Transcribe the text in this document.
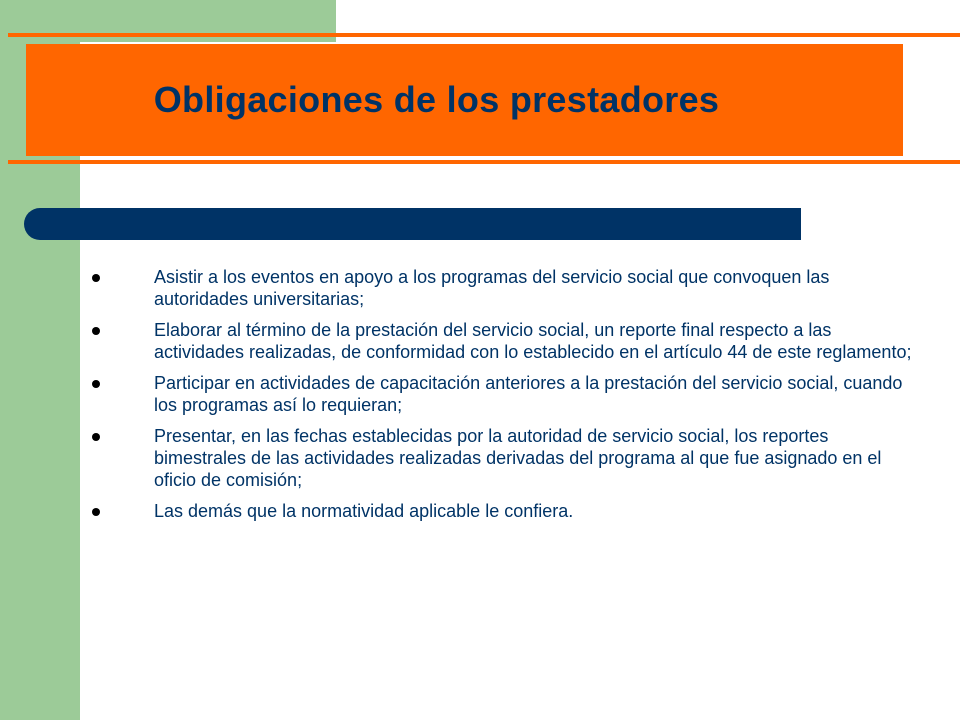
Obligaciones de los prestadores
Asistir a los eventos en apoyo a los programas del servicio social que convoquen las autoridades universitarias;
Elaborar al término de la prestación del servicio social, un reporte final respecto a las actividades realizadas, de conformidad con lo establecido en el artículo 44 de este reglamento;
Participar en actividades de capacitación anteriores a la prestación del servicio social, cuando los programas así lo requieran;
Presentar, en las fechas establecidas por la autoridad de servicio social, los reportes bimestrales de las actividades realizadas derivadas del programa al que fue asignado en el oficio de comisión;
Las demás que la normatividad aplicable le confiera.
